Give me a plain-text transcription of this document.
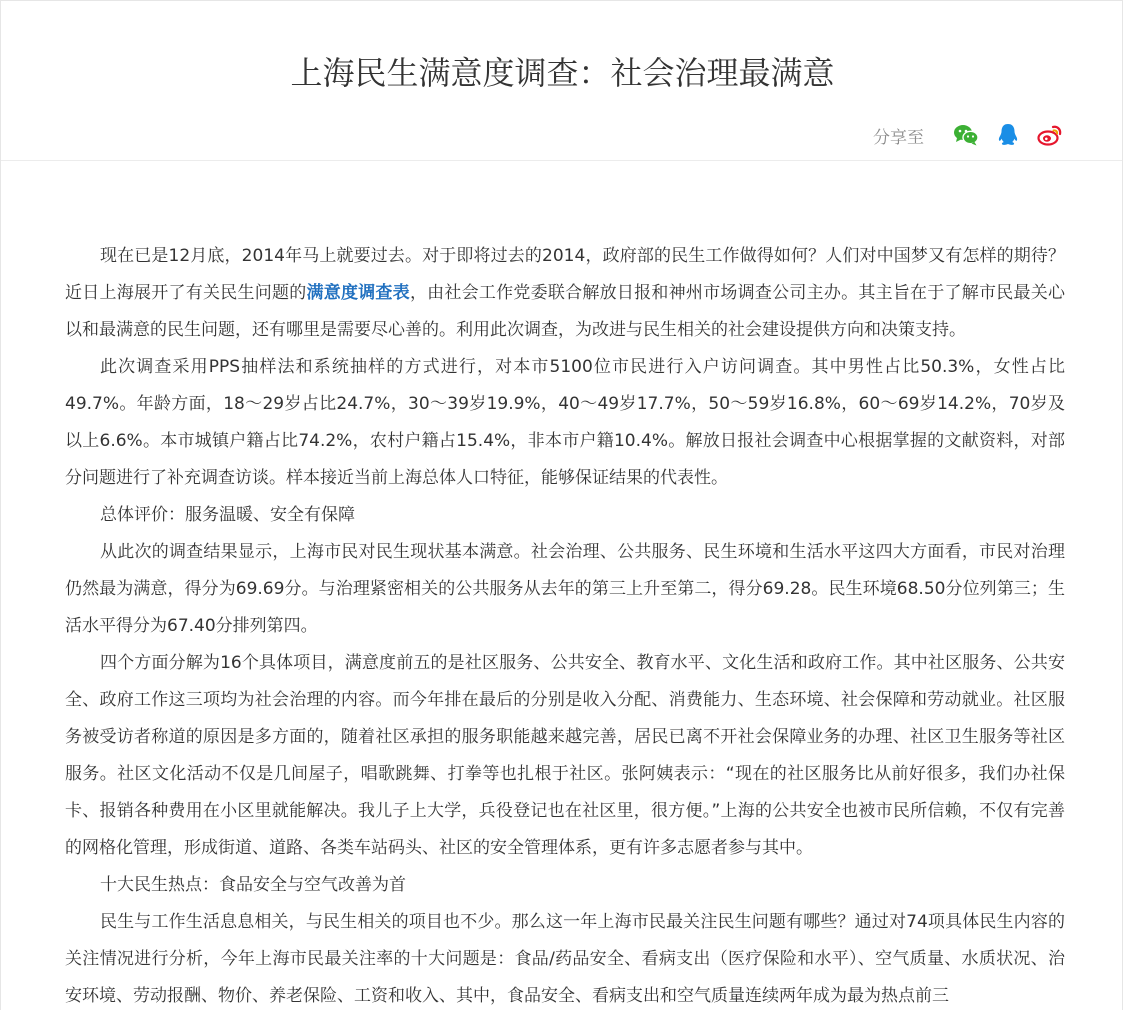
上海民生满意度调查：社会治理最满意
分享至

现在已是12月底，2014年马上就要过去。对于即将过去的2014，政府部的民生工作做得如何？人们对中国梦又有怎样的期待？近日上海展开了有关民生问题的满意度调查表，由社会工作党委联合解放日报和神州市场调查公司主办。其主旨在于了解市民最关心以和最满意的民生问题，还有哪里是需要尽心善的。利用此次调查，为改进与民生相关的社会建设提供方向和决策支持。

此次调查采用PPS抽样法和系统抽样的方式进行，对本市5100位市民进行入户访问调查。其中男性占比50.3%，女性占比49.7%。年龄方面，18～29岁占比24.7%，30～39岁19.9%，40～49岁17.7%，50～59岁16.8%，60～69岁14.2%，70岁及以上6.6%。本市城镇户籍占比74.2%，农村户籍占15.4%，非本市户籍10.4%。解放日报社会调查中心根据掌握的文献资料，对部分问题进行了补充调查访谈。样本接近当前上海总体人口特征，能够保证结果的代表性。

总体评价：服务温暖、安全有保障

从此次的调查结果显示，上海市民对民生现状基本满意。社会治理、公共服务、民生环境和生活水平这四大方面看，市民对治理仍然最为满意，得分为69.69分。与治理紧密相关的公共服务从去年的第三上升至第二，得分69.28。民生环境68.50分位列第三；生活水平得分为67.40分排列第四。

四个方面分解为16个具体项目，满意度前五的是社区服务、公共安全、教育水平、文化生活和政府工作。其中社区服务、公共安全、政府工作这三项均为社会治理的内容。而今年排在最后的分别是收入分配、消费能力、生态环境、社会保障和劳动就业。社区服务被受访者称道的原因是多方面的，随着社区承担的服务职能越来越完善，居民已离不开社会保障业务的办理、社区卫生服务等社区服务。社区文化活动不仅是几间屋子，唱歌跳舞、打拳等也扎根于社区。张阿姨表示：“现在的社区服务比从前好很多，我们办社保卡、报销各种费用在小区里就能解决。我儿子上大学，兵役登记也在社区里，很方便。”上海的公共安全也被市民所信赖，不仅有完善的网格化管理，形成街道、道路、各类车站码头、社区的安全管理体系，更有许多志愿者参与其中。

十大民生热点：食品安全与空气改善为首

民生与工作生活息息相关，与民生相关的项目也不少。那么这一年上海市民最关注民生问题有哪些？通过对74项具体民生内容的关注情况进行分析，今年上海市民最关注率的十大问题是：食品/药品安全、看病支出（医疗保险和水平）、空气质量、水质状况、治安环境、劳动报酬、物价、养老保险、工资和收入、其中，食品安全、看病支出和空气质量连续两年成为最为热点前三
